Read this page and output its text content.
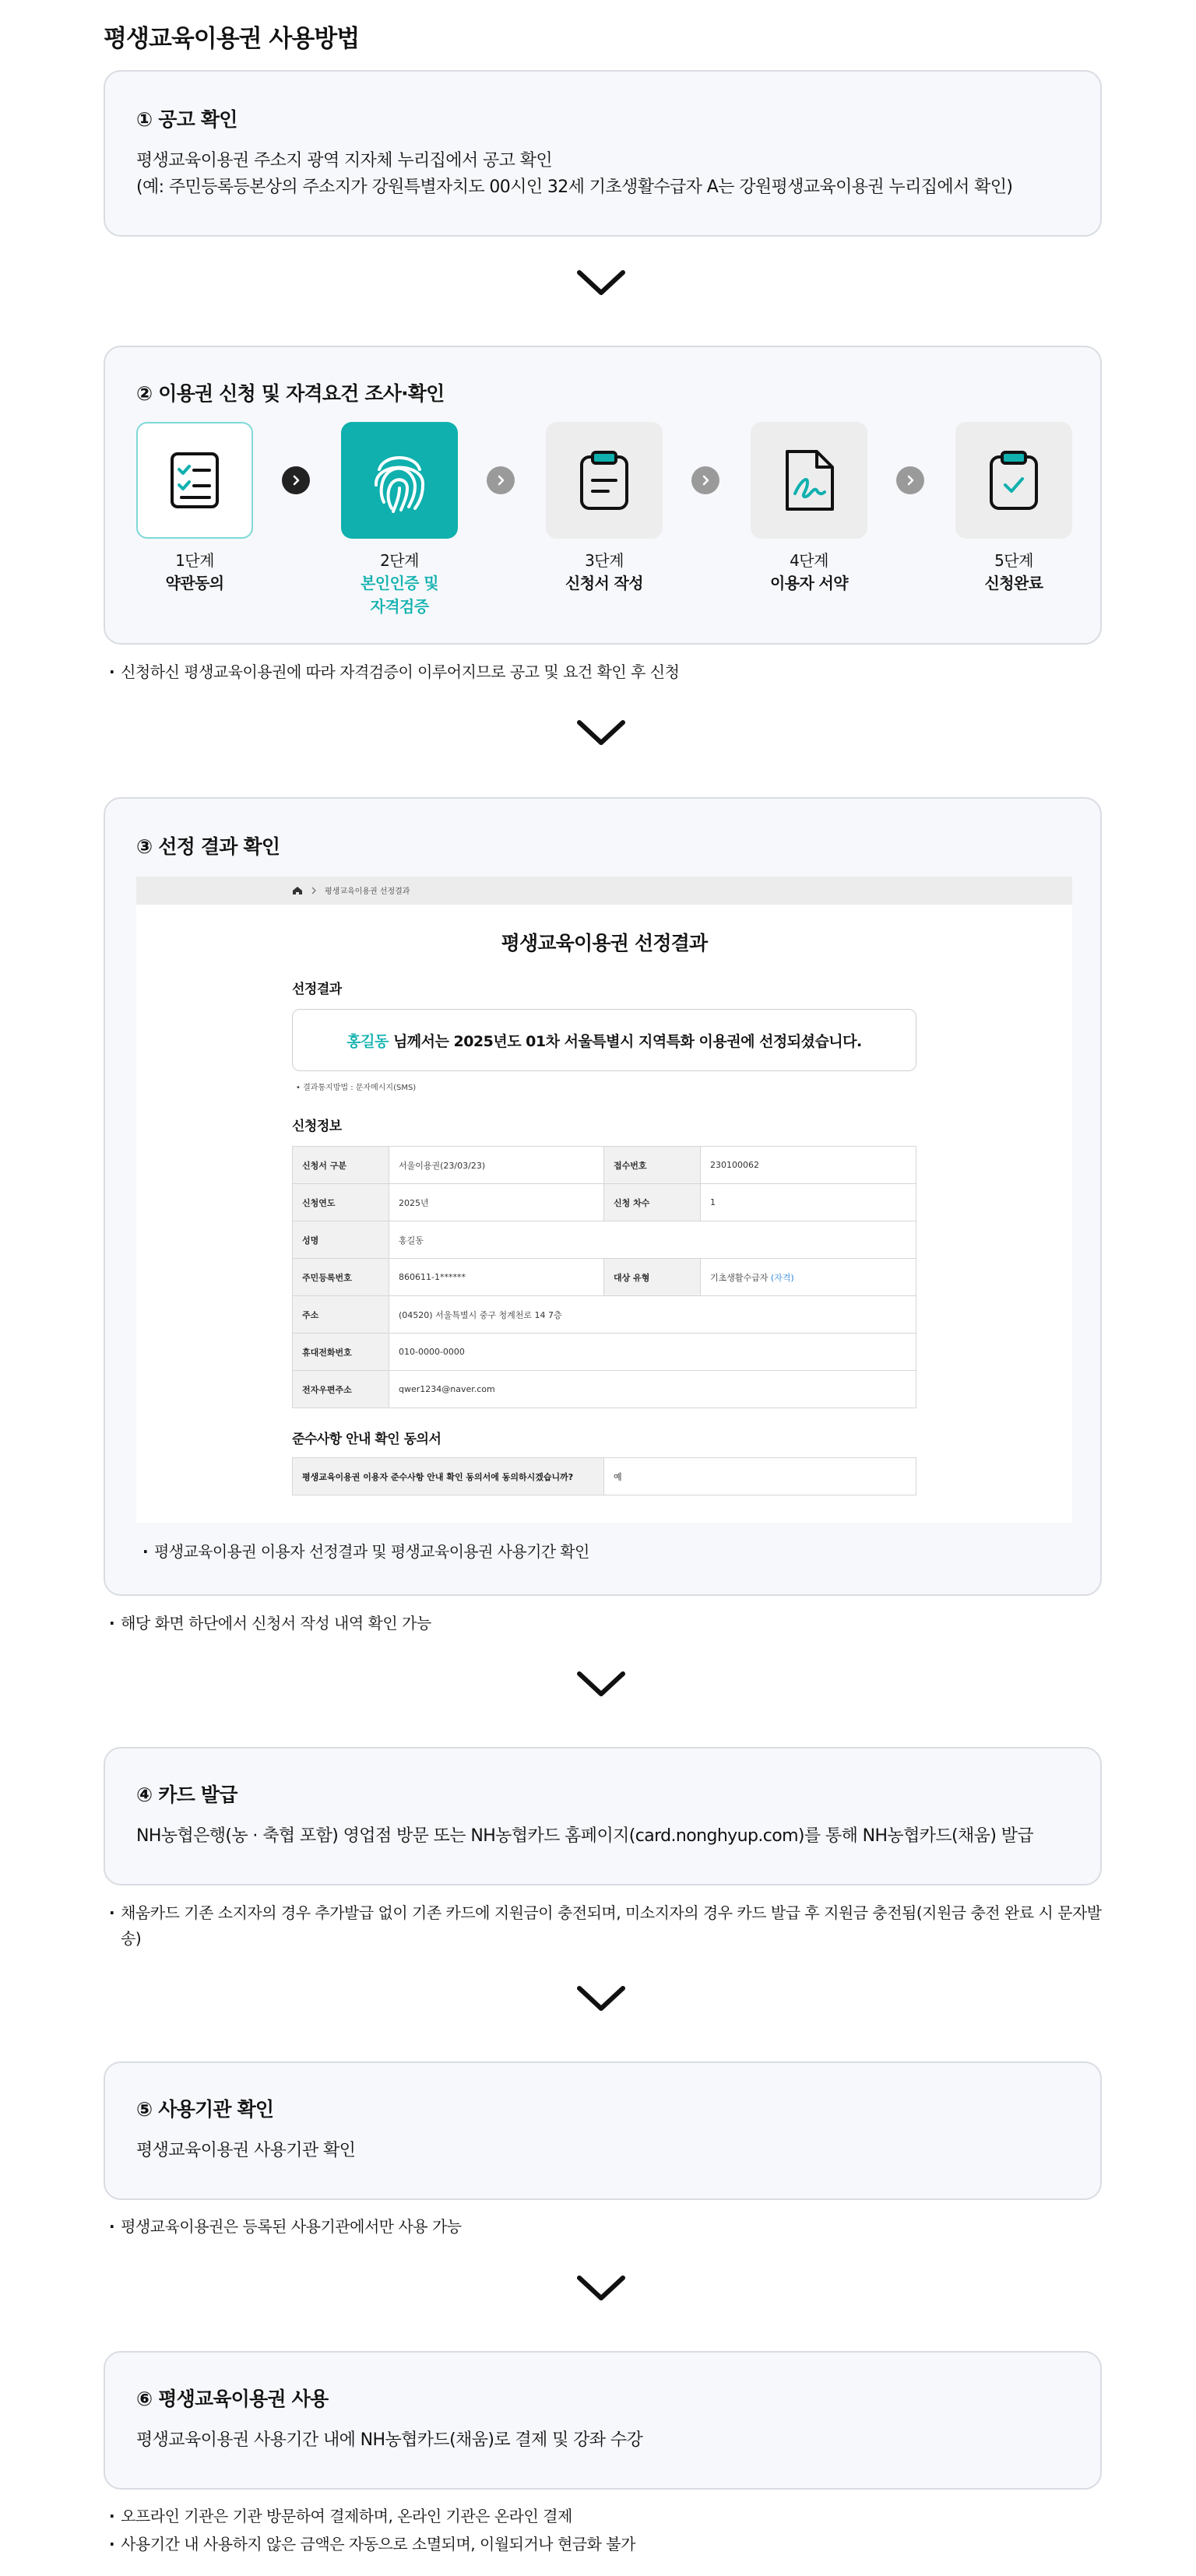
평생교육이용권 사용방법
① 공고 확인
평생교육이용권 주소지 광역 지자체 누리집에서 공고 확인
(예: 주민등록등본상의 주소지가 강원특별자치도 00시인 32세 기초생활수급자 A는 강원평생교육이용권 누리집에서 확인)
② 이용권 신청 및 자격요건 조사·확인
1단계
약관동의
2단계
본인인증 및
자격검증
3단계
신청서 작성
4단계
이용자 서약
5단계
신청완료
· 신청하신 평생교육이용권에 따라 자격검증이 이루어지므로 공고 및 요건 확인 후 신청
③ 선정 결과 확인
평생교육이용권 선정결과
평생교육이용권 선정결과
선정결과
홍길동 님께서는 2025년도 01차 서울특별시 지역특화 이용권에 선정되셨습니다.
• 결과통지방법 : 문자메시지(SMS)
신청정보
신청서 구분	서울이용권(23/03/23)	접수번호	230100062
신청연도	2025년	신청 차수	1
성명	홍길동		
주민등록번호	860611-1******	대상 유형	기초생활수급자 (자격)
주소	(04520) 서울특별시 중구 청계천로 14 7층		
휴대전화번호	010-0000-0000		
전자우편주소	qwer1234@naver.com		
준수사항 안내 확인 동의서
평생교육이용권 이용자 준수사항 안내 확인 동의서에 동의하시겠습니까?	예
· 평생교육이용권 이용자 선정결과 및 평생교육이용권 사용기간 확인
· 해당 화면 하단에서 신청서 작성 내역 확인 가능
④ 카드 발급
NH농협은행(농 · 축협 포함) 영업점 방문 또는 NH농협카드 홈페이지(card.nonghyup.com)를 통해 NH농협카드(채움) 발급
· 채움카드 기존 소지자의 경우 추가발급 없이 기존 카드에 지원금이 충전되며, 미소지자의 경우 카드 발급 후 지원금 충전됨(지원금 충전 완료 시 문자발
송)
⑤ 사용기관 확인
평생교육이용권 사용기관 확인
· 평생교육이용권은 등록된 사용기관에서만 사용 가능
⑥ 평생교육이용권 사용
평생교육이용권 사용기간 내에 NH농협카드(채움)로 결제 및 강좌 수강
· 오프라인 기관은 기관 방문하여 결제하며, 온라인 기관은 온라인 결제
· 사용기간 내 사용하지 않은 금액은 자동으로 소멸되며, 이월되거나 현금화 불가
